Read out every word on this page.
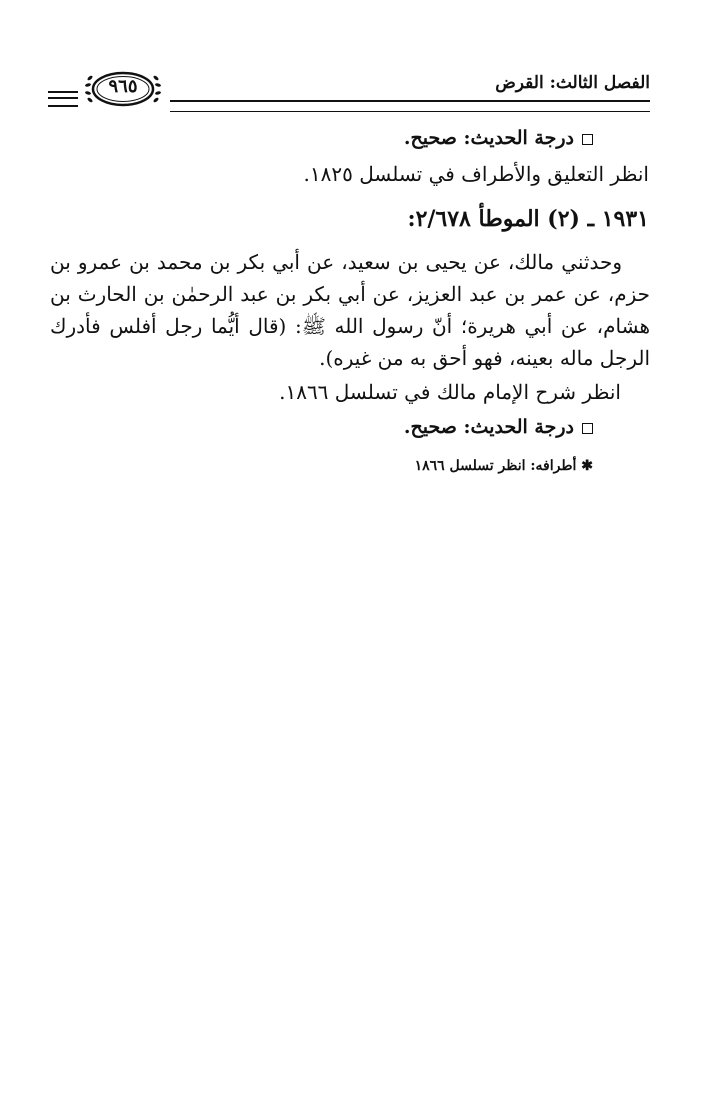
٩٦٥	الفصل الثالث: القرض
درجة الحديث: صحيح.
انظر التعليق والأطراف في تسلسل ١٨٢٥.
١٩٣١ ـ (٢) الموطأ ٢/٦٧٨:
وحدثني مالك، عن يحيى بن سعيد، عن أبي بكر بن محمد بن عمرو بن
حزم، عن عمر بن عبد العزيز، عن أبي بكر بن عبد الرحمٰن بن الحارث بن
هشام، عن أبي هريرة؛ أنّ رسول الله ﷺ: (قال أيُّما رجل أفلس فأدرك
الرجل ماله بعينه، فهو أحق به من غيره).
انظر شرح الإمام مالك في تسلسل ١٨٦٦.
درجة الحديث: صحيح.
✱ أطرافه: انظر تسلسل ١٨٦٦
